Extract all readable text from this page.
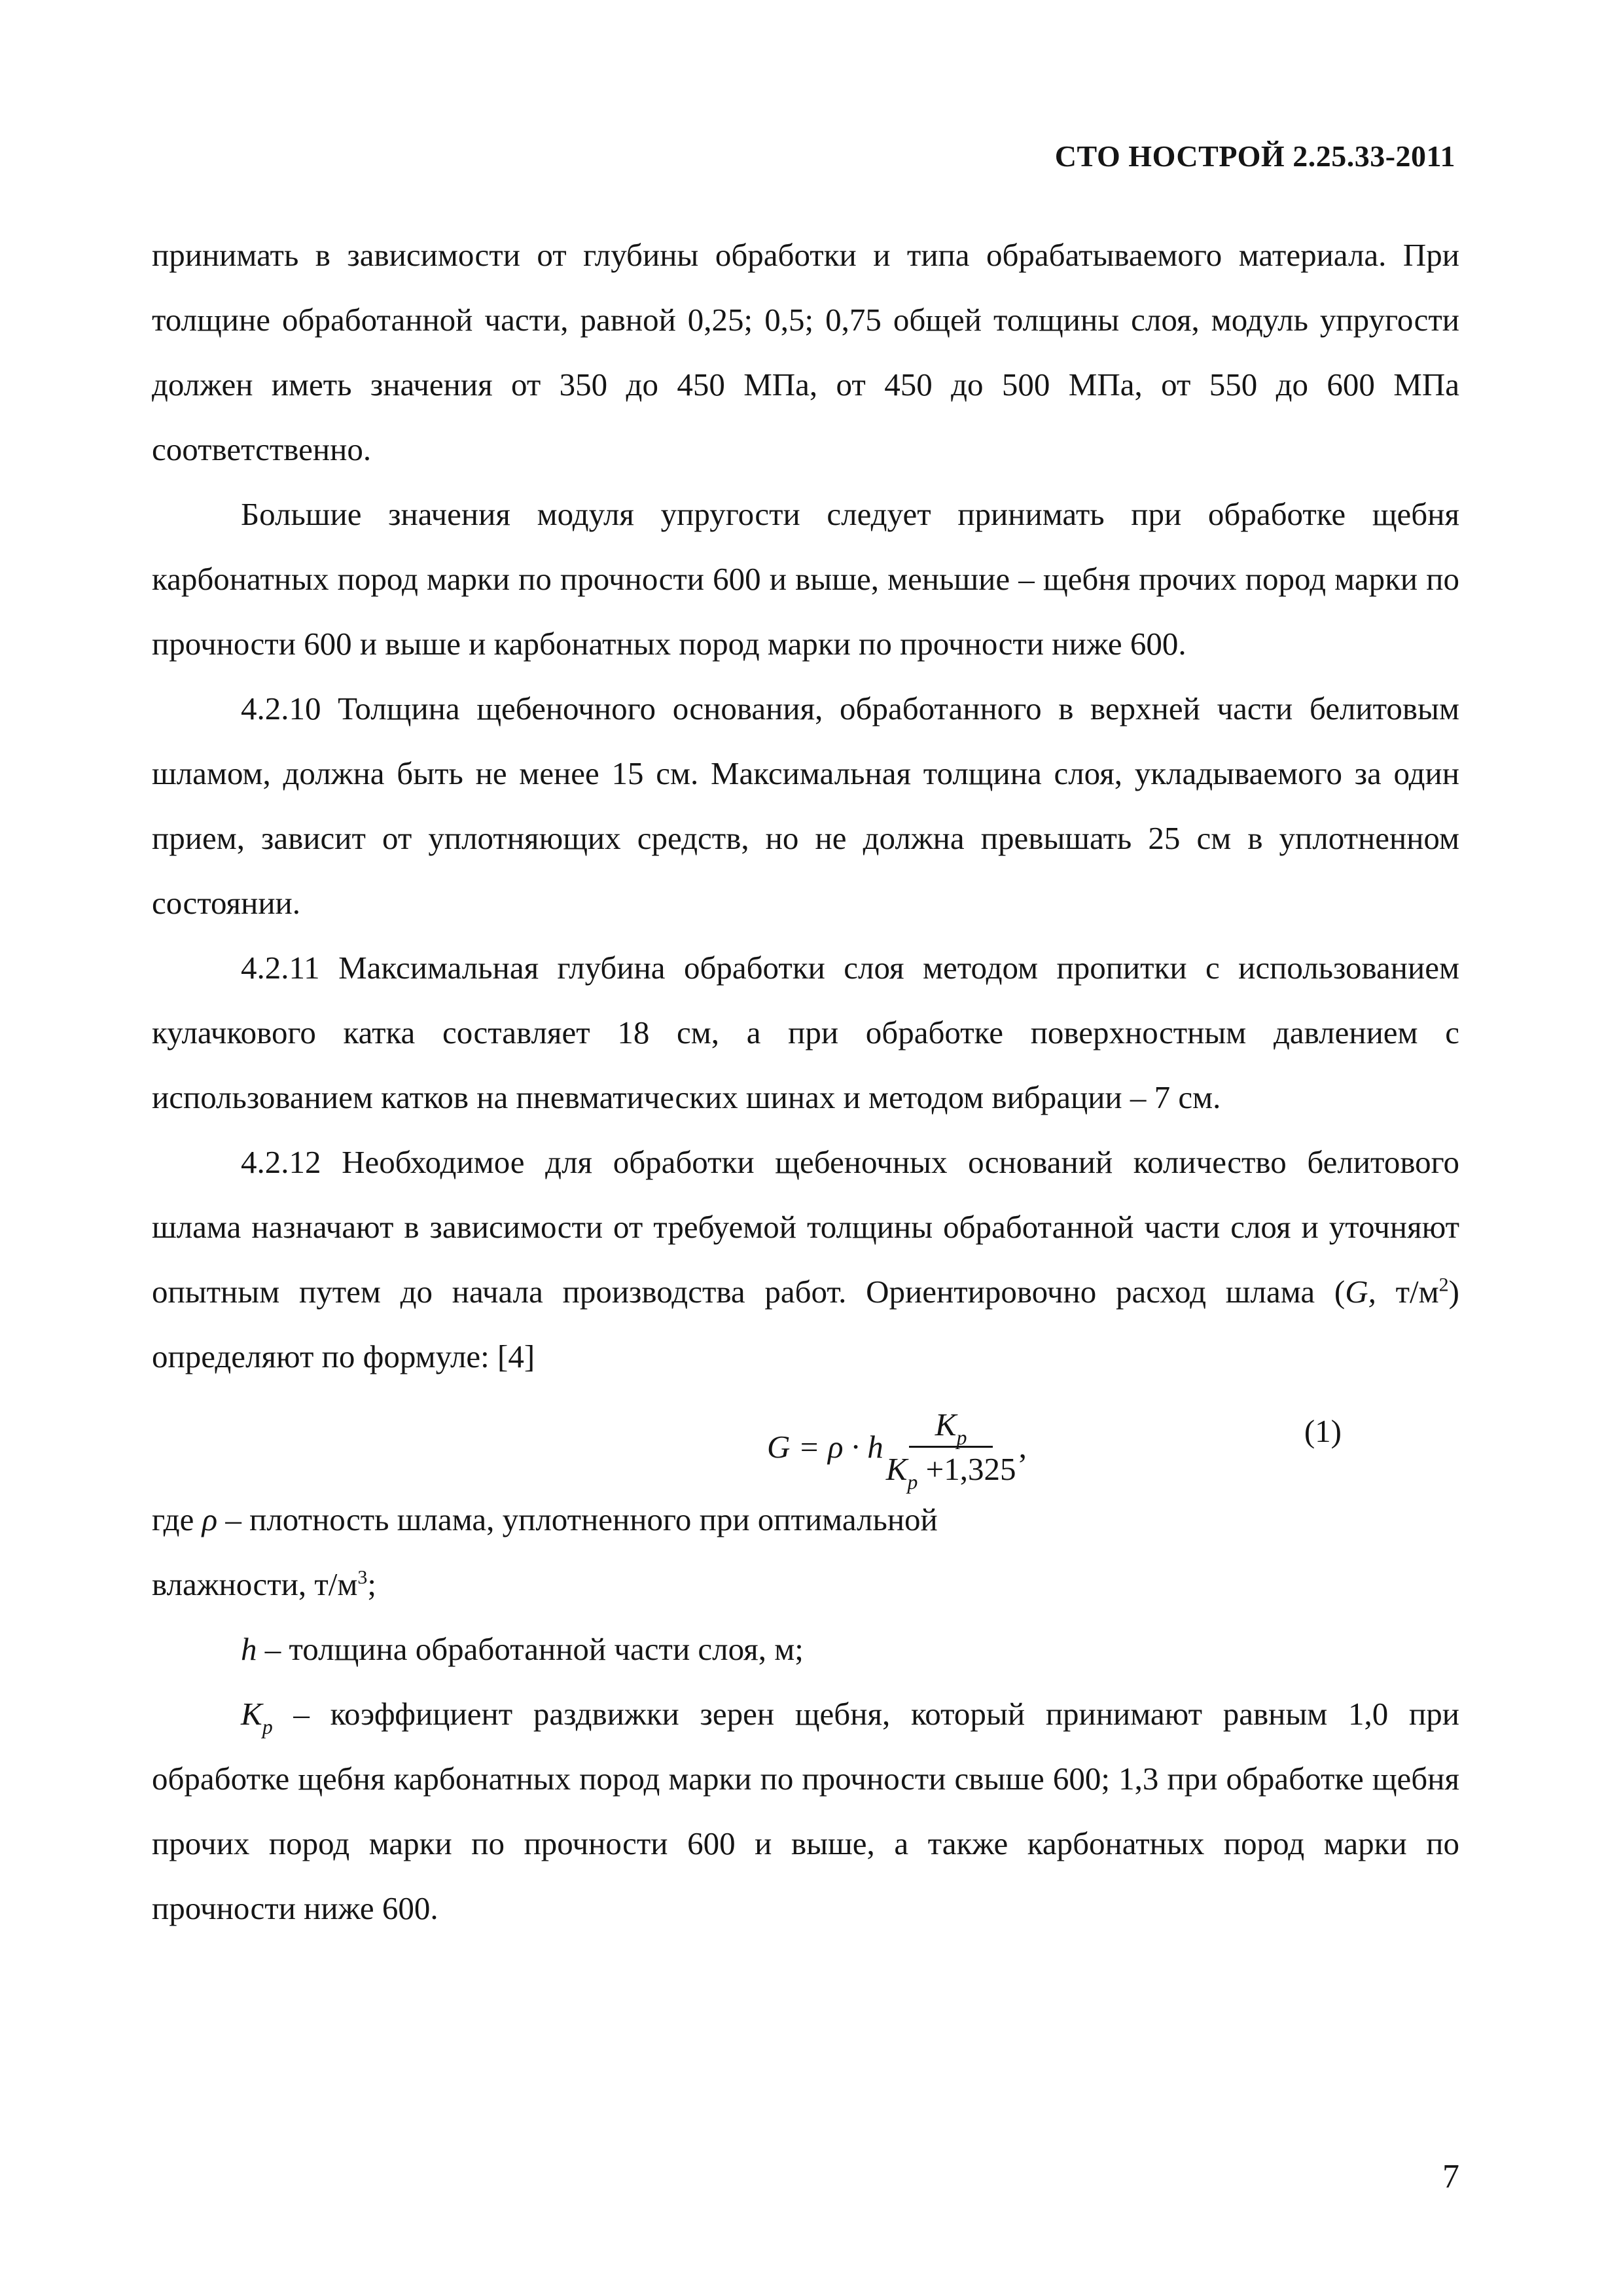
СТО НОСТРОЙ 2.25.33-2011

принимать в зависимости от глубины обработки и типа обрабатываемого материала. При толщине обработанной части, равной 0,25; 0,5; 0,75 общей толщины слоя, модуль упругости должен иметь значения от 350 до 450 МПа, от 450 до 500 МПа, от 550 до 600 МПа соответственно.

Большие значения модуля упругости следует принимать при обработке щебня карбонатных пород марки по прочности 600 и выше, меньшие – щебня прочих пород марки по прочности 600 и выше и карбонатных пород марки по прочности ниже 600.

4.2.10 Толщина щебеночного основания, обработанного в верхней части белитовым шламом, должна быть не менее 15 см. Максимальная толщина слоя, укладываемого за один прием, зависит от уплотняющих средств, но не должна превышать 25 см в уплотненном состоянии.

4.2.11 Максимальная глубина обработки слоя методом пропитки с использованием кулачкового катка составляет 18 см, а при обработке поверхностным давлением с использованием катков на пневматических шинах и методом вибрации – 7 см.

4.2.12 Необходимое для обработки щебеночных оснований количество белитового шлама назначают в зависимости от требуемой толщины обработанной части слоя и уточняют опытным путем до начала производства работ. Ориентировочно расход шлама (G, $т/м^2$) определяют по формуле: [4]

G = ρ · h $\frac{K_p}{K_p +1,325}$ ,	(1)

где ρ – плотность шлама, уплотненного при оптимальной

влажности, $т/м^3$;

h – толщина обработанной части слоя, м;

$K_p$ – коэффициент раздвижки зерен щебня, который принимают равным 1,0 при обработке щебня карбонатных пород марки по прочности свыше 600; 1,3 при обработке щебня прочих пород марки по прочности 600 и выше, а также карбонатных пород марки по прочности ниже 600.

7
